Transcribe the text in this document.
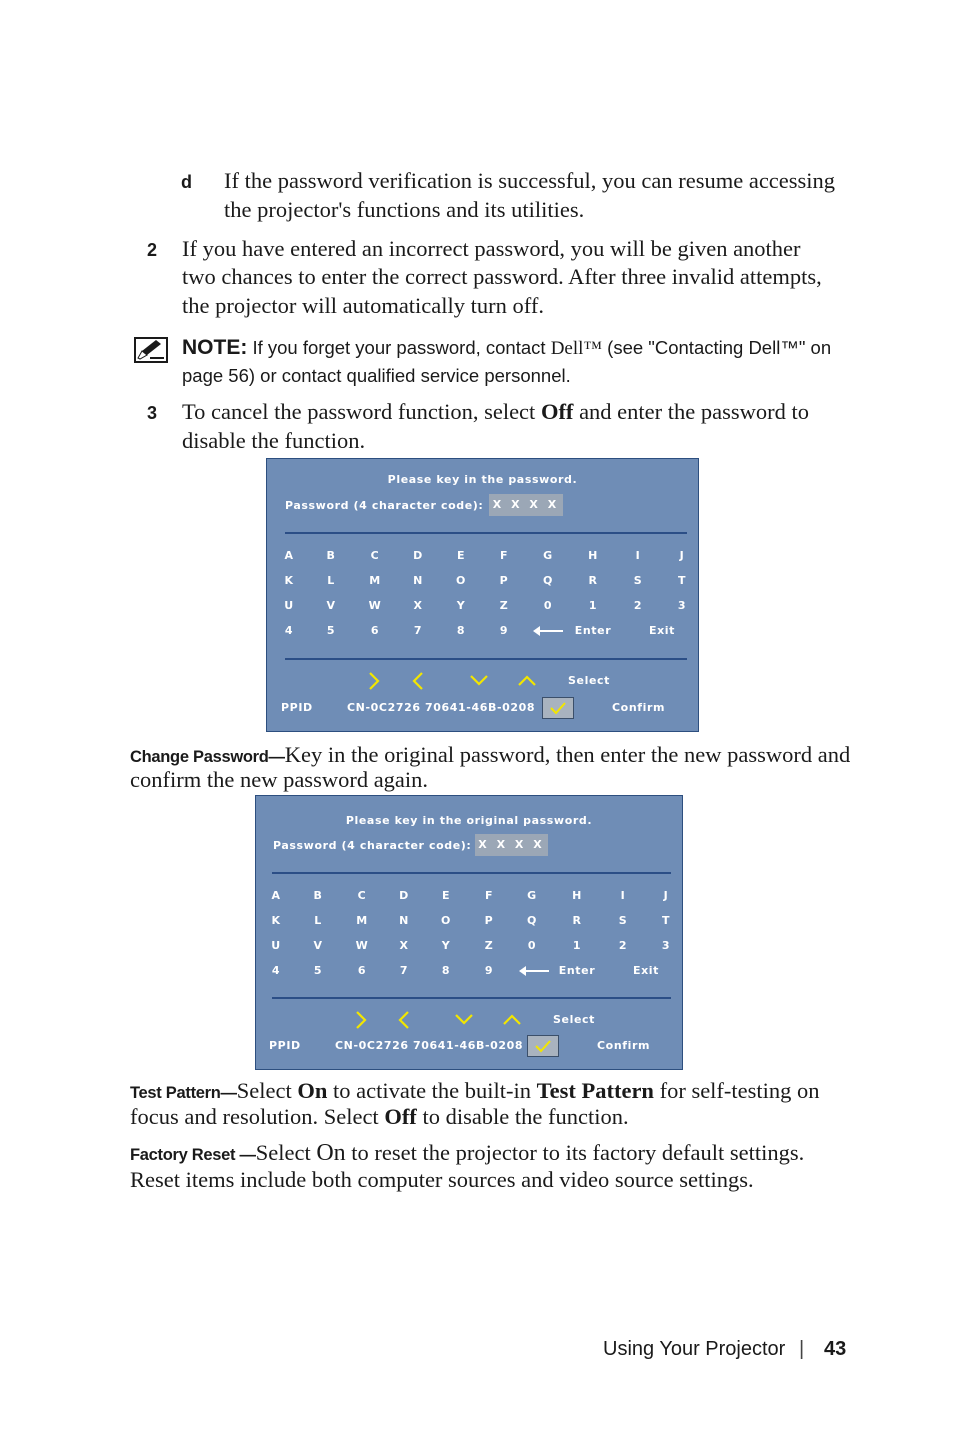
d If the password verification is successful, you can resume accessing
the projector's functions and its utilities.
2 If you have entered an incorrect password, you will be given another
two chances to enter the correct password. After three invalid attempts,
the projector will automatically turn off.
NOTE: If you forget your password, contact Dell™ (see "Contacting Dell™" on
page 56) or contact qualified service personnel.
3 To cancel the password function, select Off and enter the password to
disable the function.
Please key in the password.
Password (4 character code): X X X X
PPID	CN-0C2726 70641-46B-0208	Confirm
A	B	C	D	E	F	G	H	I	J
K	L	M	N	O	P	Q	R	S	T
U	V	W	X	Y	Z	0	1	2	3
4	5	6	7	8	9	Enter	Exit
Select
Change Password—Key in the original password, then enter the new password and
confirm the new password again.
Please key in the original password.
Password (4 character code): X X X X
PPID	CN-0C2726 70641-46B-0208	Confirm
A	B	C	D	E	F	G	H	I	J
K	L	M	N	O	P	Q	R	S	T
U	V	W	X	Y	Z	0	1	2	3
4	5	6	7	8	9	Enter	Exit
Select
Test Pattern—Select On to activate the built-in Test Pattern for self-testing on
focus and resolution. Select Off to disable the function.
Factory Reset —Select On to reset the projector to its factory default settings.
Reset items include both computer sources and video source settings.
Using Your Projector | 43
